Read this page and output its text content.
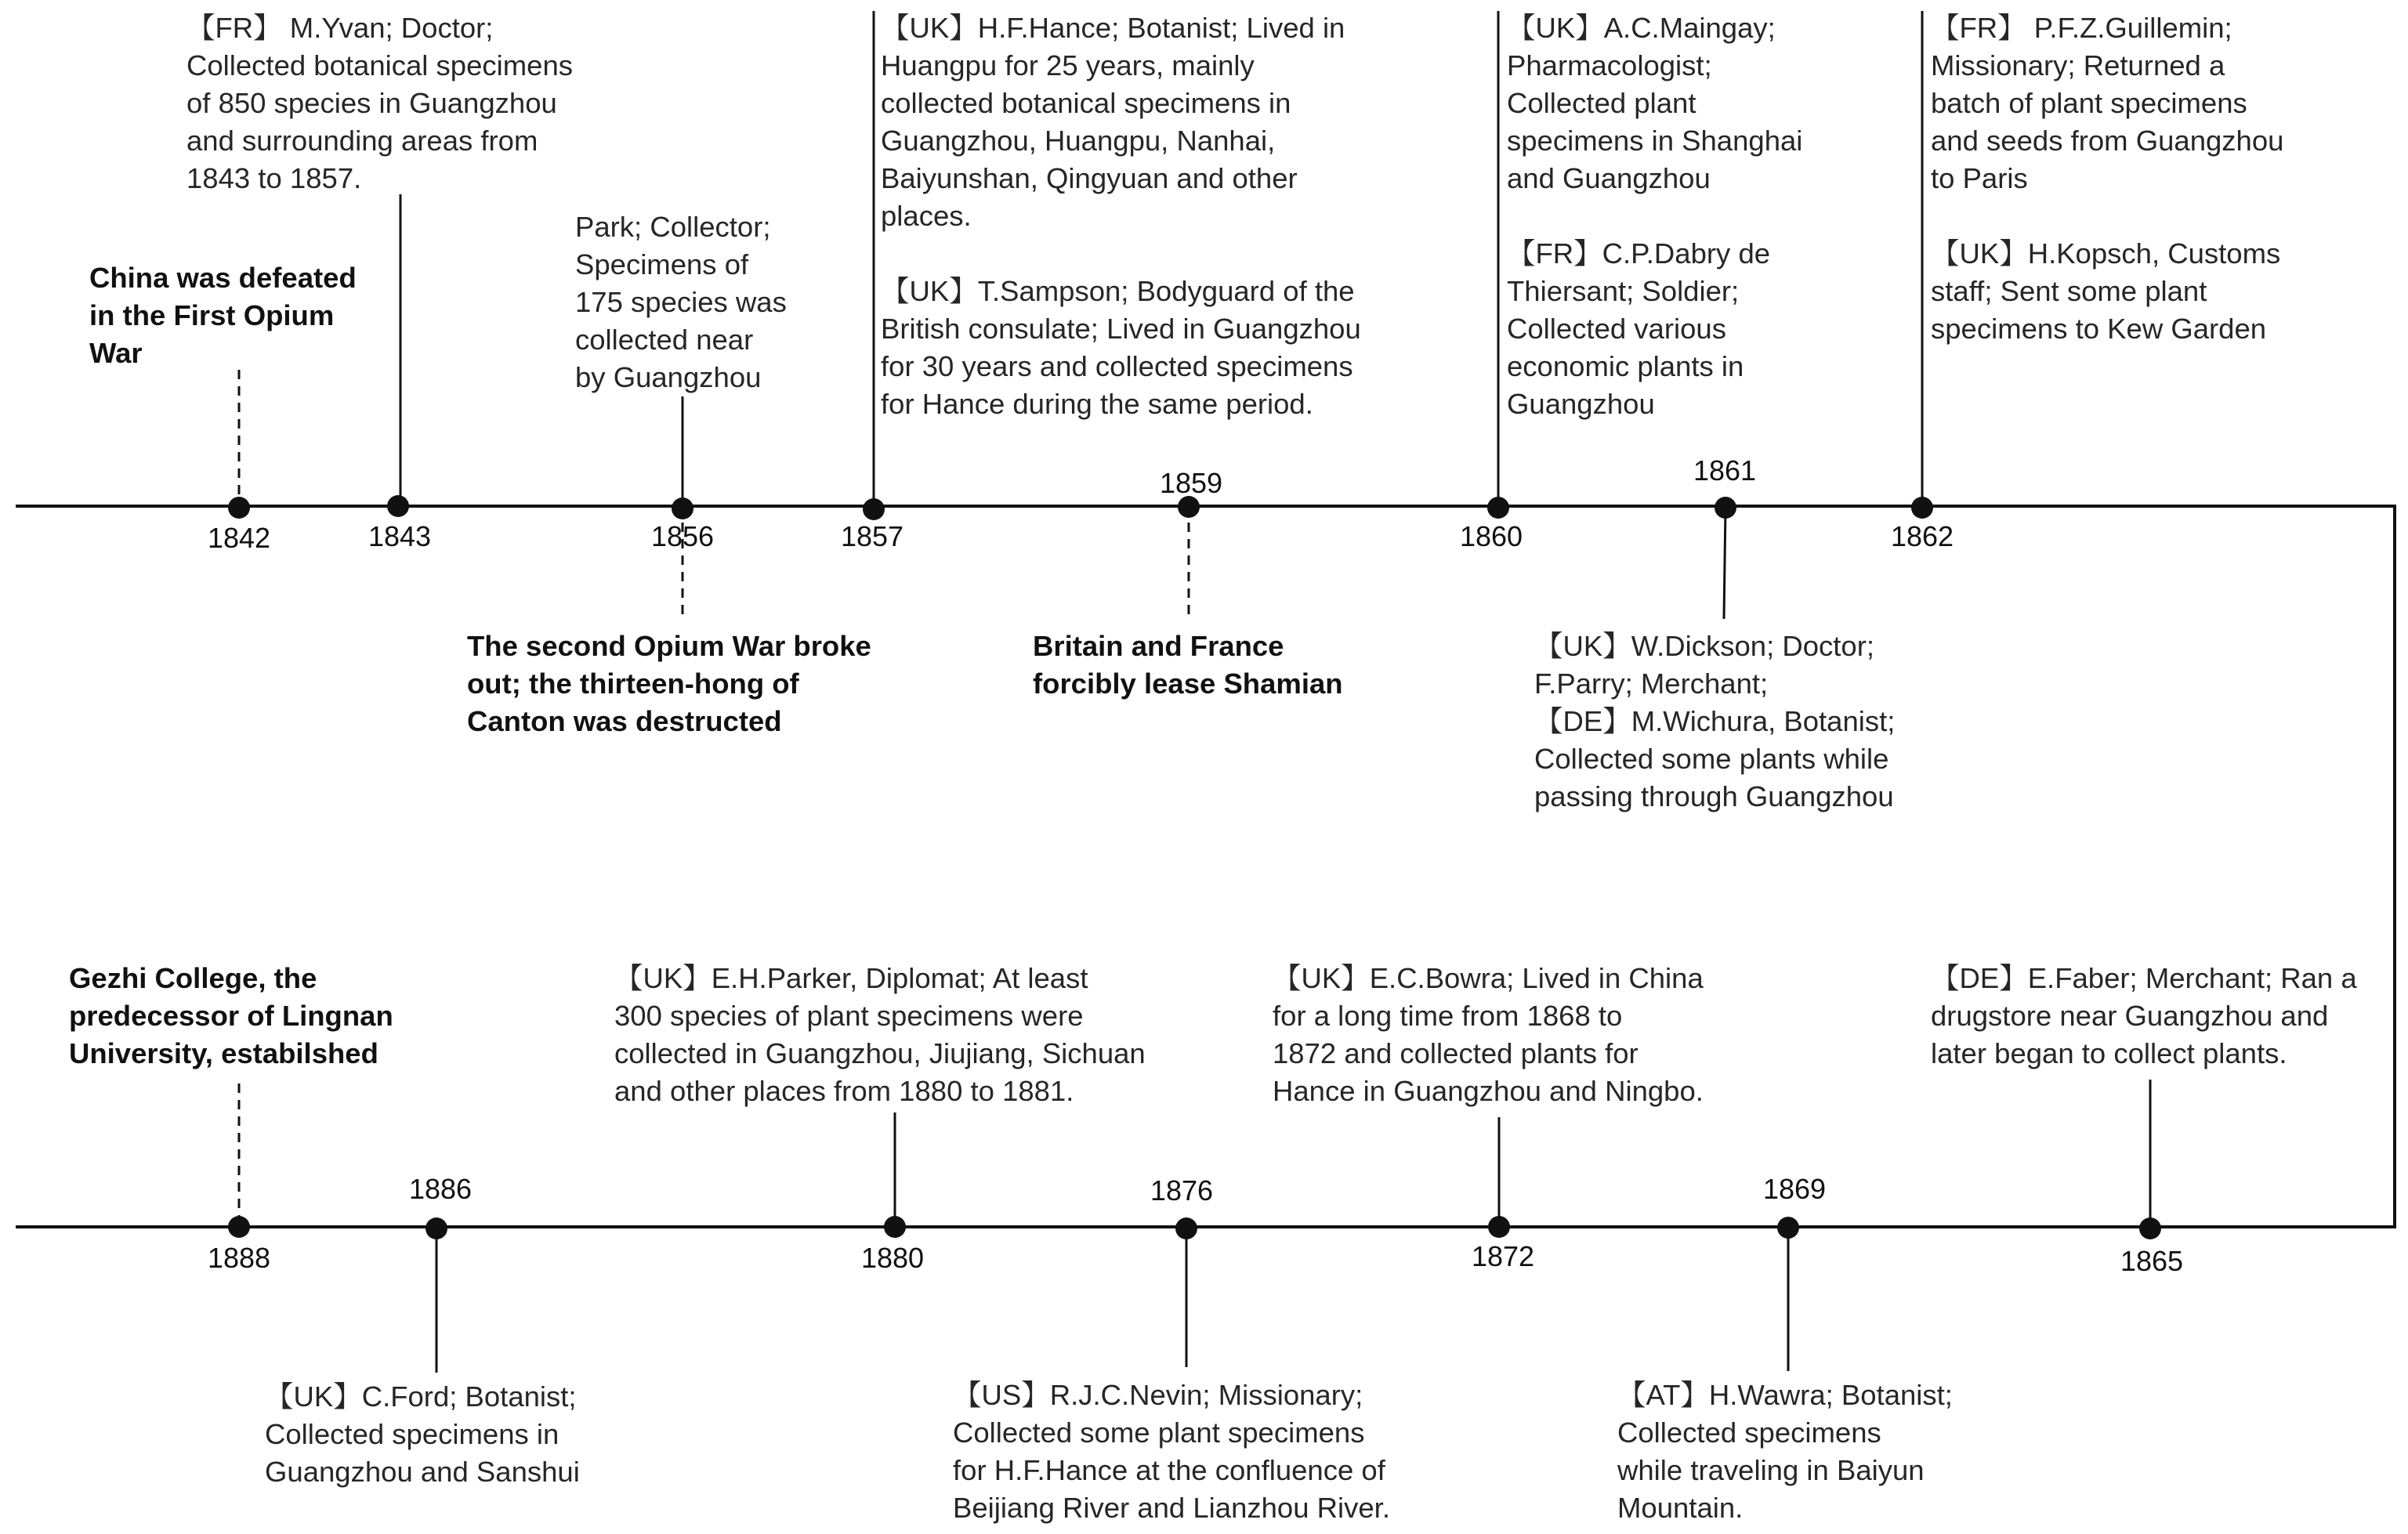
1842	1843	1856	1857
1859
1860
1861
1862
1865
1869
1872
1876
1880
1886
1888

China was defeated
in the First Opium
War

The second Opium War broke
out; the thirteen-hong of
Canton was destructed

Britain and France
forcibly lease Shamian

Gezhi College, the
predecessor of Lingnan
University, estabilshed

【FR】 M.Yvan; Doctor;
Collected botanical specimens
of 850 species in Guangzhou
and surrounding areas from
1843 to 1857.

Park; Collector;
Specimens of
175 species was
collected near
by Guangzhou

【UK】H.F.Hance; Botanist; Lived in
Huangpu for 25 years, mainly
collected botanical specimens in
Guangzhou, Huangpu, Nanhai,
Baiyunshan, Qingyuan and other
places.

【UK】T.Sampson; Bodyguard of the
British consulate; Lived in Guangzhou
for 30 years and collected specimens
for Hance during the same period.

【UK】A.C.Maingay;
Pharmacologist;
Collected plant
specimens in Shanghai
and Guangzhou

【FR】C.P.Dabry de
Thiersant; Soldier;
Collected various
economic plants in
Guangzhou

【UK】W.Dickson; Doctor;
F.Parry; Merchant;
【DE】M.Wichura, Botanist;
Collected some plants while
passing through Guangzhou

【FR】 P.F.Z.Guillemin;
Missionary; Returned a
batch of plant specimens
and seeds from Guangzhou
to Paris

【UK】H.Kopsch, Customs
staff; Sent some plant
specimens to Kew Garden

【DE】E.Faber; Merchant; Ran a
drugstore near Guangzhou and
later began to collect plants.

【AT】H.Wawra; Botanist;
Collected specimens
while traveling in Baiyun
Mountain.

【UK】E.C.Bowra; Lived in China
for a long time from 1868 to
1872 and collected plants for
Hance in Guangzhou and Ningbo.

【US】R.J.C.Nevin; Missionary;
Collected some plant specimens
for H.F.Hance at the confluence of
Beijiang River and Lianzhou River.

【UK】E.H.Parker, Diplomat; At least
300 species of plant specimens were
collected in Guangzhou, Jiujiang, Sichuan
and other places from 1880 to 1881.

【UK】C.Ford; Botanist;
Collected specimens in
Guangzhou and Sanshui
